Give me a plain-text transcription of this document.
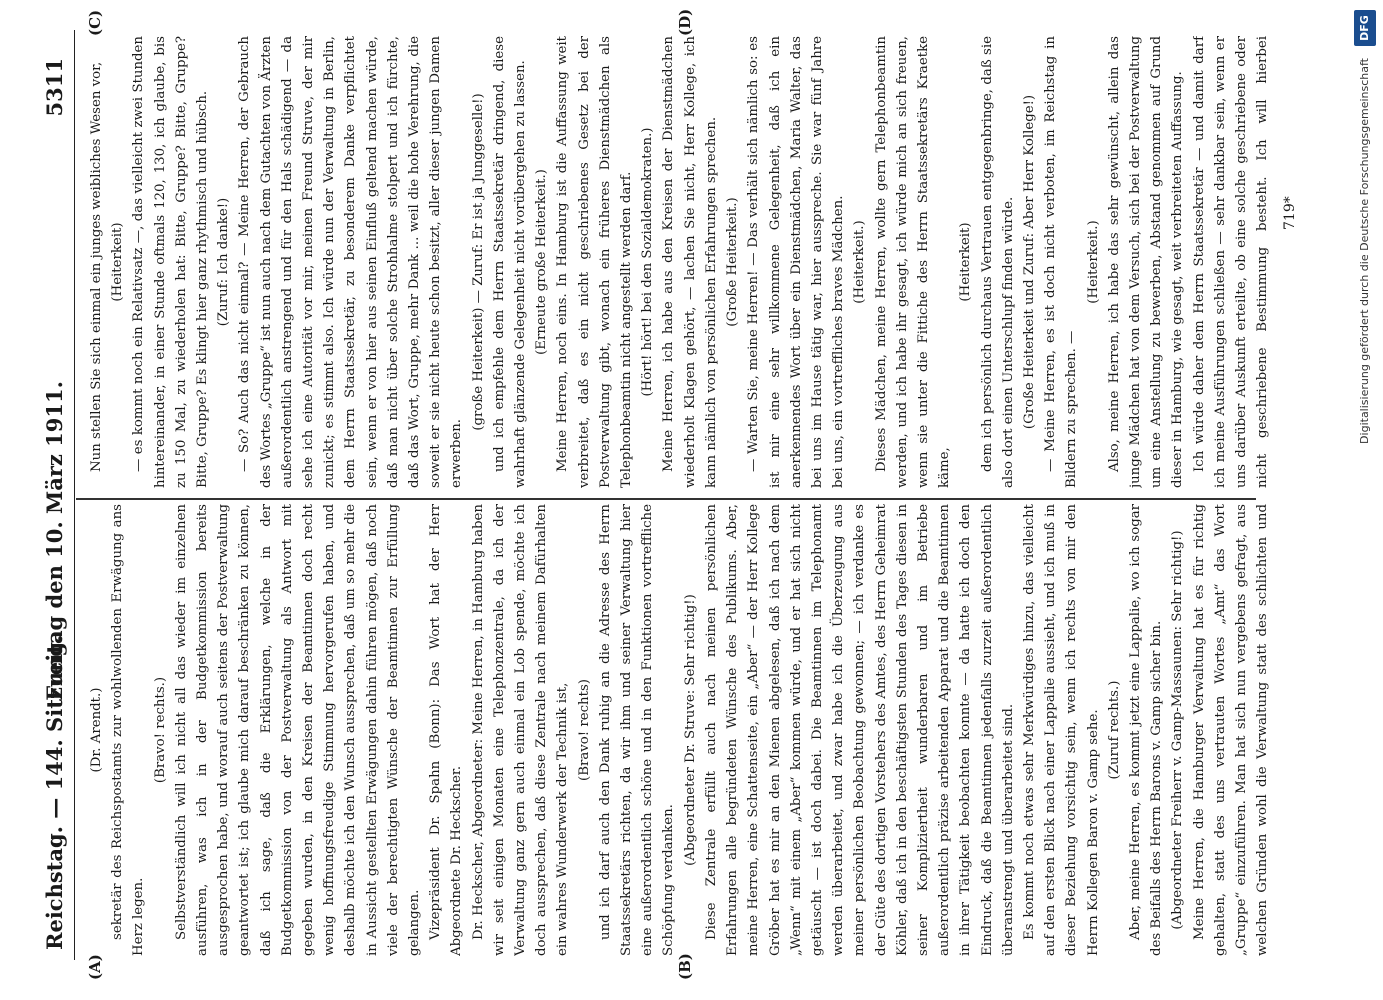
Reichstag. — 144. Sitzung.
Freitag den 10. März 1911.  5311
(A)	(B)
(C)	(D)

(Dr. Arendt.) sekretär des Reichspostamts zur wohlwollenden Erwägung ans Herz legen.

(Bravo! rechts.) Selbstverständlich will ich nicht all das wieder im einzelnen ausführen, was ich in der Budgetkommission bereits ausgesprochen habe, und worauf auch seitens der Postverwaltung geantwortet ist; ich glaube mich darauf beschränken zu können, daß ich sage, daß die Erklärungen, welche in der Budgetkommission von der Postverwaltung als Antwort mit gegeben wurden, in den Kreisen der Beamtinnen doch recht wenig hoffnungsfreudige Stimmung hervorgerufen haben, und deshalb möchte ich den Wunsch aussprechen, daß um so mehr die in Aussicht gestellten Erwägungen dahin führen mögen, daß noch viele der berechtigten Wünsche der Beamtinnen zur Erfüllung gelangen. Vizepräsident Dr. Spahn (Bonn): Das Wort hat der Herr Abgeordnete Dr. Heckscher. Dr. Heckscher, Abgeordneter: Meine Herren, in Hamburg haben wir seit einigen Monaten eine Telephonzentrale, da ich der Verwaltung ganz gern auch einmal ein Lob spende, möchte ich doch aussprechen, daß diese Zentrale nach meinem Dafürhalten ein wahres Wunderwerk der Technik ist, (Bravo! rechts) und ich darf auch den Dank ruhig an die Adresse des Herrn Staatssekretärs richten, da wir ihm und seiner Verwaltung hier eine außerordentlich schöne und in den Funktionen vortreffliche Schöpfung verdanken.

(Abgeordneter Dr. Struve: Sehr richtig!) Diese Zentrale erfüllt auch nach meinen persönlichen Erfahrungen alle begründeten Wünsche des Publikums. Aber, meine Herren, eine Schattenseite, ein „Aber“ — der Herr Kollege Gröber hat es mir an den Mienen abgelesen, daß ich nach dem „Wenn“ mit einem „Aber“ kommen würde, und er hat sich nicht getäuscht — ist doch dabei. Die Beamtinnen im Telephonamt werden überarbeitet, und zwar habe ich die Überzeugung aus meiner persönlichen Beobachtung gewonnen; — ich verdanke es der Güte des dortigen Vorstehers des Amtes, des Herrn Geheimrat Köhler, daß ich in den beschäftigsten Stunden des Tages diesen in seiner Kompliziertheit wunderbaren und im Betriebe außerordentlich präzise arbeitenden Apparat und die Beamtinnen in ihrer Tätigkeit beobachten konnte — da hatte ich doch den Eindruck, daß die Beamtinnen jedenfalls zurzeit außerordentlich überanstrengt und überarbeitet sind. Es kommt noch etwas sehr Merkwürdiges hinzu, das vielleicht auf den ersten Blick nach einer Lappalie aussieht, und ich muß in dieser Beziehung vorsichtig sein, wenn ich rechts von mir den Herrn Kollegen Baron v. Gamp sehe. (Zuruf rechts.) Aber, meine Herren, es kommt jetzt eine Lappalie, wo ich sogar des Beifalls des Herrn Barons v. Gamp sicher bin. (Abgeordneter Freiherr v. Gamp-Massaunen: Sehr richtig!) Meine Herren, die Hamburger Verwaltung hat es für richtig gehalten, statt des uns vertrauten Wortes „Amt“ das Wort „Gruppe“ einzuführen. Man hat sich nun vergebens gefragt, aus welchen Gründen wohl die Verwaltung statt des schlichten und

Nun stellen Sie sich einmal ein junges weibliches Wesen vor, (Heiterkeit) — es kommt noch ein Relativsatz —, das vielleicht zwei Stunden hintereinander, in einer Stunde oftmals 120, 130, ich glaube, bis zu 150 Mal, zu wiederholen hat: Bitte, Gruppe? Bitte, Gruppe? Bitte, Gruppe? Es klingt hier ganz rhythmisch und hübsch. (Zuruf: Ich danke!) — So? Auch das nicht einmal? — Meine Herren, der Gebrauch des Wortes „Gruppe“ ist nun auch nach dem Gutachten von Ärzten außerordentlich anstrengend und für den Hals schädigend — da sehe ich eine Autorität vor mir, meinen Freund Struve, der mir zunickt; es stimmt also. Ich würde nun der Verwaltung in Berlin, dem Herrn Staatssekretär, zu besonderem Danke verpflichtet sein, wenn er von hier aus seinen Einfluß geltend machen würde, daß man nicht über solche Strohhalme stolpert und ich fürchte, daß das Wort, Gruppe, mehr Dank ... weil die hohe Verehrung, die soweit er sie nicht heute schon besitzt, aller dieser jungen Damen erwerben.

(große Heiterkeit) — Zuruf: Er ist ja Junggeselle!) und ich empfehle dem Herrn Staatssekretär dringend, diese wahrhaft glänzende Gelegenheit nicht vorübergehen zu lassen. (Erneute große Heiterkeit.) Meine Herren, noch eins. In Hamburg ist die Auffassung weit verbreitet, daß es ein nicht geschriebenes Gesetz bei der Postverwaltung gibt, wonach ein früheres Dienstmädchen als Telephonbeamtin nicht angestellt werden darf. (Hört! hört! bei den Sozialdemokraten.) Meine Herren, ich habe aus den Kreisen der Dienstmädchen wiederholt Klagen gehört, — lachen Sie nicht, Herr Kollege, ich kann nämlich von persönlichen Erfahrungen sprechen. (Große Heiterkeit.) — Warten Sie, meine Herren! — Das verhält sich nämlich so: es ist mir eine sehr willkommene Gelegenheit, daß ich ein anerkennendes Wort über ein Dienstmädchen, Maria Walter, das bei uns im Hause tätig war, hier ausspreche. Sie war fünf Jahre bei uns, ein vortreffliches braves Mädchen. (Heiterkeit.) Dieses Mädchen, meine Herren, wollte gern Telephonbeamtin werden, und ich habe ihr gesagt, ich würde mich an sich freuen, wenn sie unter die Fittiche des Herrn Staatssekretärs Kraetke käme,

(Heiterkeit) dem ich persönlich durchaus Vertrauen entgegenbringe, daß sie also dort einen Unterschlupf finden würde. (Große Heiterkeit und Zuruf: Aber Herr Kollege!) — Meine Herren, es ist doch nicht verboten, im Reichstag in Bildern zu sprechen. —

(Heiterkeit.) Also, meine Herren, ich habe das sehr gewünscht, allein das junge Mädchen hat von dem Versuch, sich bei der Postverwaltung um eine Anstellung zu bewerben, Abstand genommen auf Grund dieser in Hamburg, wie gesagt, weit verbreiteten Auffassung. Ich würde daher dem Herrn Staatssekretär — und damit darf ich meine Ausführungen schließen — sehr dankbar sein, wenn er uns darüber Auskunft erteilte, ob eine solche geschriebene oder nicht geschriebene Bestimmung besteht. Ich will hierbei

719*	Digitalisierung gefördert durch die Deutsche Forschungsgemeinschaft
DFG
